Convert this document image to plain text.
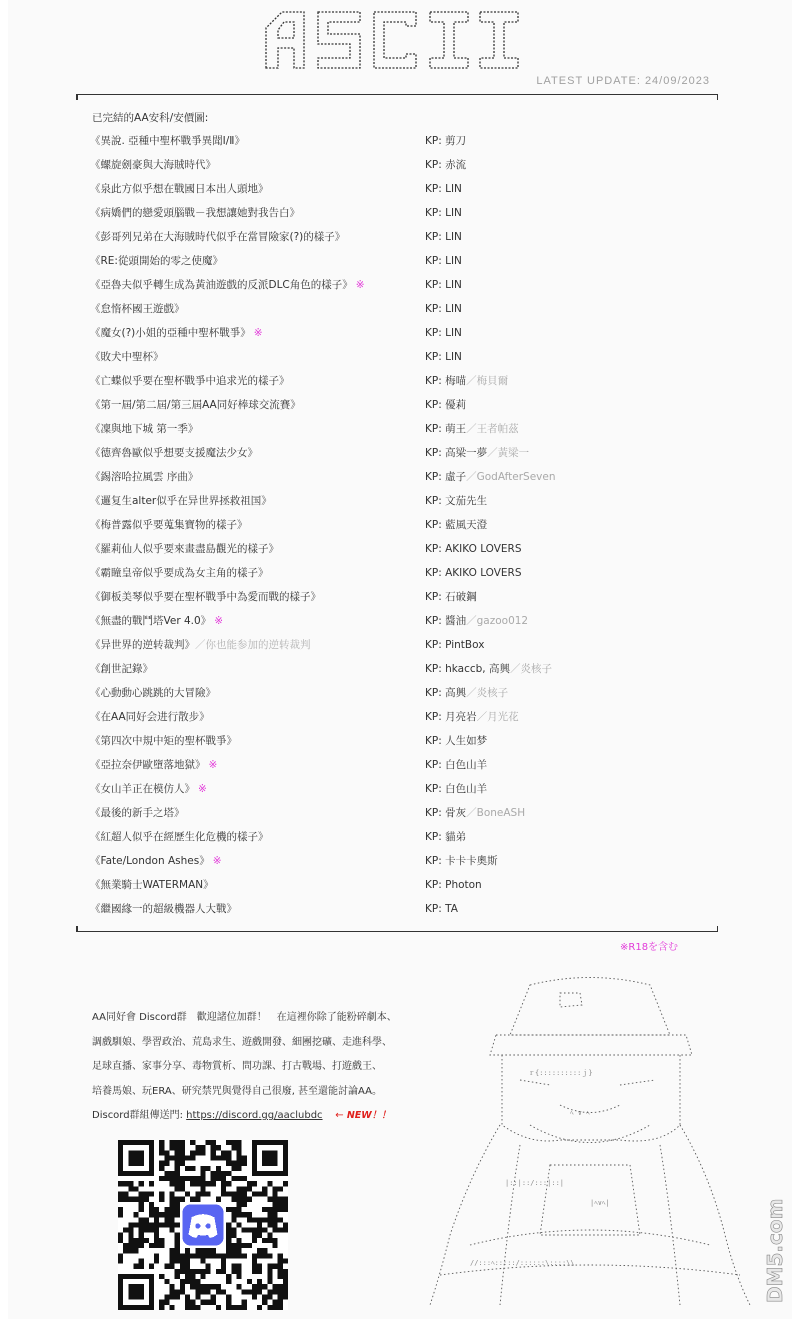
ASCII
LATEST UPDATE: 24/09/2023
已完結的AA安科/安價圖:
《異說. 亞種中聖杯戰爭異聞Ⅰ/Ⅱ》	KP: 剪刀
《螺旋劍豪與大海賊時代》	KP: 赤流
《泉此方似乎想在戰國日本出人頭地》	KP: LIN
《病嬌們的戀愛頭腦戰－我想讓她對我告白》	KP: LIN
《彭哥列兄弟在大海賊時代似乎在當冒險家(?)的樣子》	KP: LIN
《RE:從頭開始的零之使魔》	KP: LIN
《亞魯夫似乎轉生成為黃油遊戲的反派DLC角色的樣子》 ※	KP: LIN
《怠惰杯國王遊戲》	KP: LIN
《魔女(?)小姐的亞種中聖杯戰爭》 ※	KP: LIN
《敗犬中聖杯》	KP: LIN
《亡蝶似乎要在聖杯戰爭中追求光的樣子》	KP: 梅喵／梅貝爾
《第一屆/第二屆/第三屆AA同好棒球交流賽》	KP: 優莉
《凜與地下城 第一季》	KP: 萌王／王者帕茲
《德齊魯歐似乎想要支援魔法少女》	KP: 高梁一夢／黃梁一
《錫溶哈拉風雲 序曲》	KP: 虛子／GodAfterSeven
《邏复生alter似乎在异世界拯救祖国》	KP: 文茄先生
《梅普露似乎要蒐集寶物的樣子》	KP: 藍風天澄
《羅莉仙人似乎要來畫盡島觀光的樣子》	KP: AKIKO LOVERS
《霸瞳皇帝似乎要成為女主角的樣子》	KP: AKIKO LOVERS
《御板美琴似乎要在聖杯戰爭中為愛而戰的樣子》	KP: 石破鋼
《無盡的戰鬥塔Ver 4.0》 ※	KP: 醬油／gazoo012
《异世界的逆转裁判》／你也能参加的逆转裁判	KP: PintBox
《創世記錄》	KP: hkaccb, 高興／炎核子
《心動動心跳跳的大冒險》	KP: 高興／炎核子
《在AA同好会进行散步》	KP: 月亮岩／月光花
《第四次中規中矩的聖杯戰爭》	KP: 人生如梦
《亞拉奈伊歐墮落地獄》 ※	KP: 白色山羊
《女山羊正在模仿人》 ※	KP: 白色山羊
《最後的新手之塔》	KP: 骨灰／BoneASH
《紅超人似乎在經歷生化危機的樣子》	KP: 貓弟
《Fate/London Ashes》 ※	KP: 卡卡卡奧斯
《無業騎士WATERMAN》	KP: Photon
《繼國緣一的超級機器人大戰》	KP: TA
※R18を含む
AA同好會 Discord群　歡迎諸位加群！　在這裡你除了能粉碎劇本、
調戲馴娘、學習政治、荒島求生、遊戲開發、細團挖礦、走進科學、
足球直播、家事分享、毒物賞析、問功課、打古戰場、打遊戲王、
培養馬娘、玩ERA、研究禁咒與覺得自己很廢, 甚至還能討論AA。
Discord群組傳送門: https://discord.gg/aaclubdc ← NEW！！
ｒ{::::::::::ｊ}
ﾍ ∨ ﾍ
|::|::/:::|::|
|ﾍ∨ﾍ|
//:::ﾍ:::::/::::::\::::\\	DM5.com
